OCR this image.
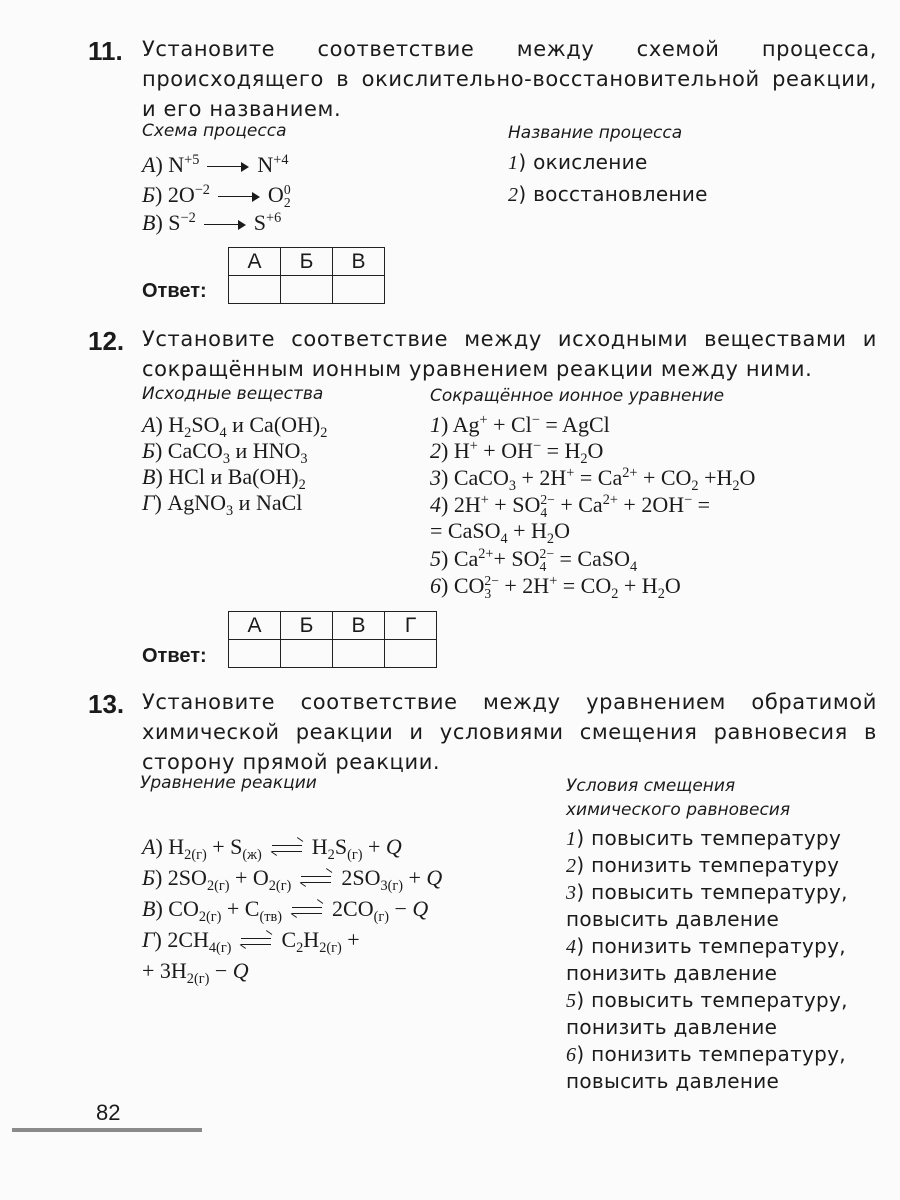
11. Установите соответствие между схемой процесса, происходящего в окислительно-восстановительной реакции, и его названием.
Схема процесса	Название процесса
А) $N^{+5}$	$N^{+4}$
Б) $2O^{-2}$	O 0
2
В) $S^{-2}$	$S^{+6}$
1) окисление
2) восстановление
Ответ:
А	Б	В

12. Установите соответствие между исходными веществами и сокращённым ионным уравнением реакции между ними.
Исходные вещества	Сокращённое ионное уравнение
А) $H_2SO_4$ и $Ca(OH)_2$
Б) CaCO$_3$ и $HNO_3$
В) HCl и $Ba(OH)_2$
Г) AgNO$_3$ и NaCl
1) Ag+ + Cl− = AgCl
2) $H^+ + OH^- = H_2O$
3) CaCO$_3$ + $2H^+ = Ca^{2+} + CO_2 +H_2O$
4) 2H+ + SO 2−
$4 + Ca^{2+} + 2OH^-$ =
= CaSO$_4$ + $H_2O$
5) $Ca^{2+}+$ SO 2−
4 = CaSO$_4$
6) CO 2−
$3 + 2H^+ = CO_2 + H_2O$
Ответ:
А	Б	В	Г

13. Установите соответствие между уравнением обратимой химической реакции и условиями смещения равновесия в сторону прямой реакции.
Уравнение реакции	Условия смещения
химического равновесия
А) $H_{2(г)} + S_{(ж)}$ $H_2S_{(г)} + Q$
Б) $2SO_{2(г)} + O_{2(г)}$ $2SO_{3(г)} + Q$
В) $CO_{2(г)} + C_{(тв)}$ $2CO_{(г)} - Q$
Г) $2CH_{4(г)}$ $C_2H_{2(г)}$ +
+ $3H_{2(г)} - Q$
1) повысить температуру
2) понизить температуру
3) повысить температуру,
повысить давление
4) понизить температуру,
понизить давление
5) повысить температуру,
понизить давление
6) понизить температуру,
повысить давление
82
